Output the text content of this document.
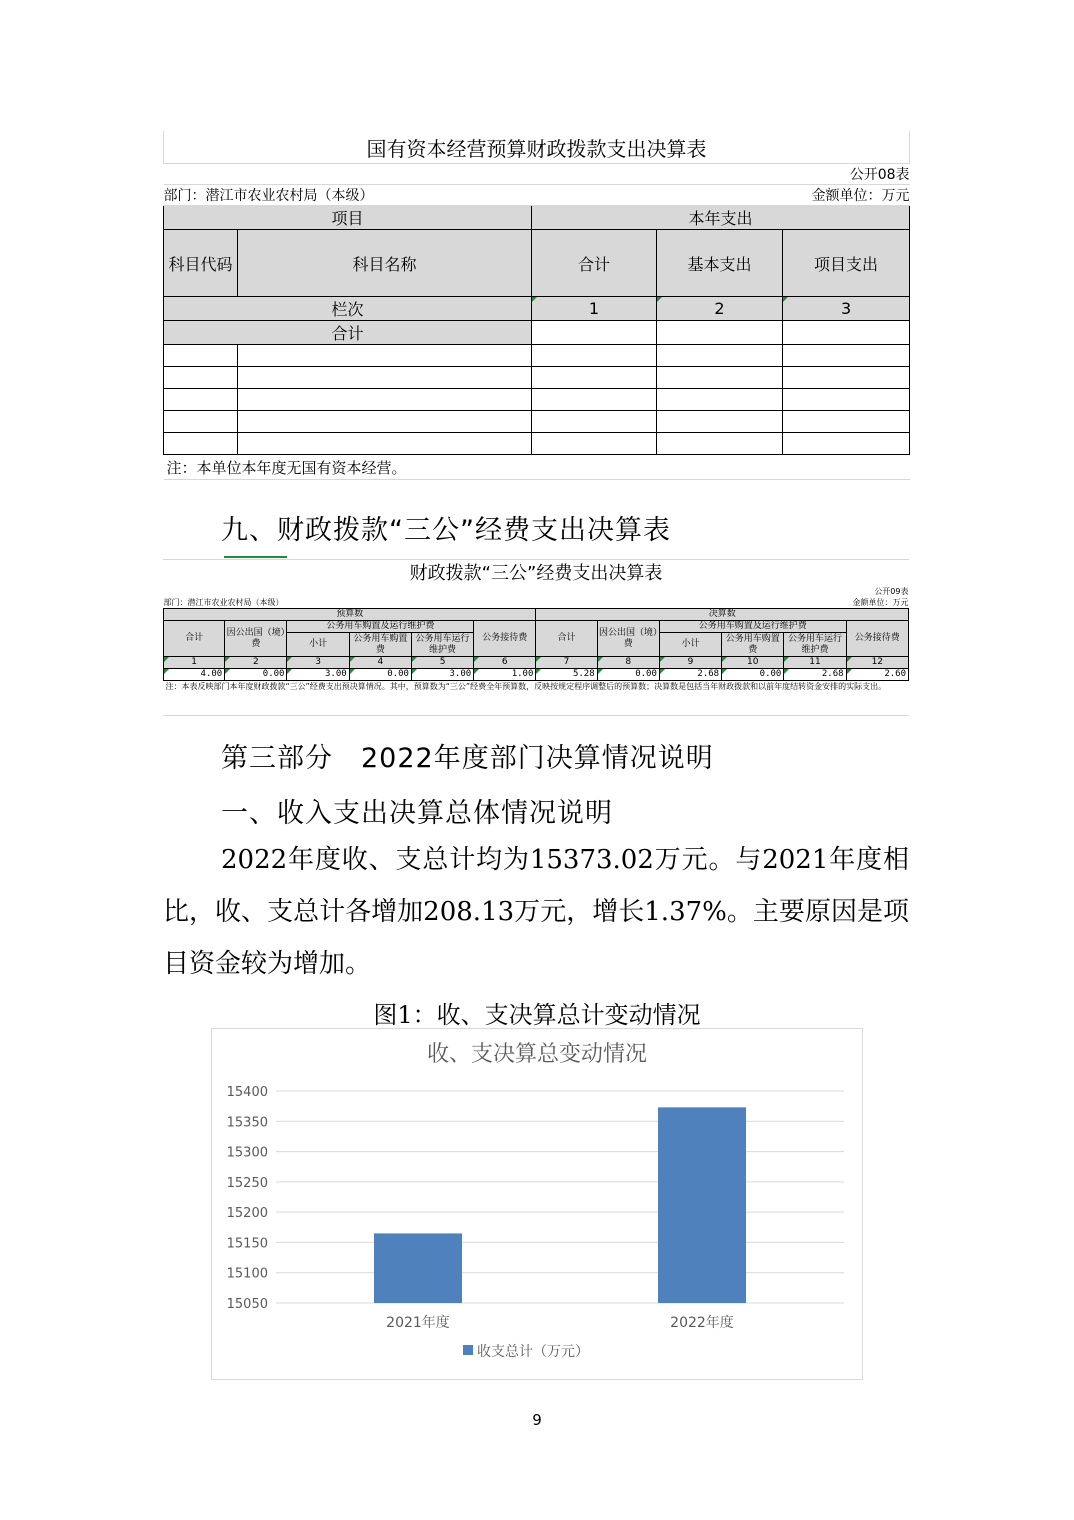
国有资本经营预算财政拨款支出决算表				
				公开08表
部门：潜江市农业农村局（本级）				金额单位：万元
项目		本年支出		
科目代码	科目名称	合计	基本支出	项目支出
栏次		1	2	3
合计				

注：本单位本年度无国有资本经营。				
九、财政拨款“三公”经费支出决算表
财政拨款“三公”经费支出决算表											
公开09表											
部门：潜江市农业农村局（本级）						金额单位：万元					
预算数						决算数					
合计	因公出国（境）费	公务用车购置及运行维护费			公务接待费	合计	因公出国（境）费	公务用车购置及运行维护费			公务接待费
		小计	公务用车购置费	公务用车运行维护费				小计	公务用车购置费	公务用车运行维护费	
1	2	3	4	5	6	7	8	9	10	11	12
4.00	0.00	3.00	0.00	3.00	1.00	5.28	0.00	2.68	0.00	2.68	2.60
注：本表反映部门本年度财政拨款“三公”经费支出预决算情况。其中，预算数为“三公”经费全年预算数，反映按规定程序调整后的预算数；决算数是包括当年财政拨款和以前年度结转资金安排的实际支出。											
第三部分　2022年度部门决算情况说明
一、收入支出决算总体情况说明
2022年度收、支总计均为15373.02万元。与2021年度相比，收、支总计各增加208.13万元，增长1.37%。主要原因是项目资金较为增加。
图1：收、支决算总计变动情况
收、支决算总变动情况
15050
15100
15150
15200
15250
15300
15350
15400
2021年度	2022年度
收支总计（万元）
9
